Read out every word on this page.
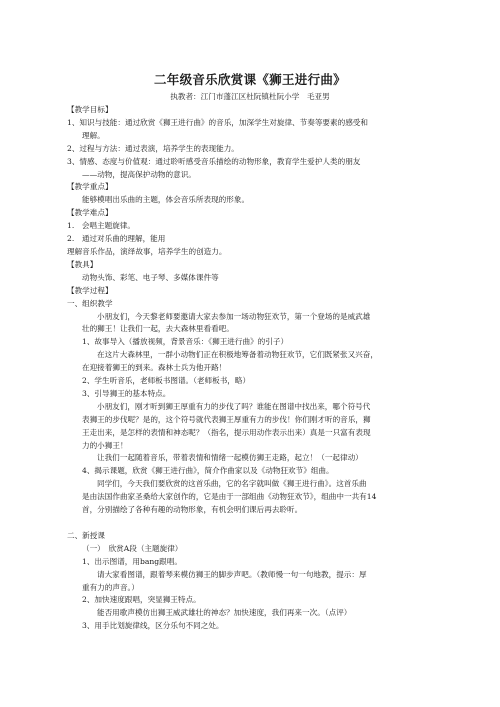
二年级音乐欣赏课《狮王进行曲》
执教者：江门市蓬江区杜阮镇杜阮小学　毛亚男
【教学目标】
1、知识与技能：通过欣赏《狮王进行曲》的音乐，加深学生对旋律、节奏等要素的感受和
理解。
2、过程与方法：通过表演，培养学生的表现能力。
3、情感、态度与价值观：通过聆听感受音乐描绘的动物形象，教育学生爱护人类的朋友
——动物，提高保护动物的意识。
【教学重点】
能够模唱出乐曲的主题，体会音乐所表现的形象。
【教学难点】
1.　会唱主题旋律。
2.　通过对乐曲的理解，能用
理解音乐作品，演绎故事，培养学生的创造力。
【教具】
动物头饰、彩笔、电子琴、多媒体课件等
【教学过程】
一、组织教学
小朋友们，今天黎老师要邀请大家去参加一场动物狂欢节，第一个登场的是威武雄
壮的狮王！让我们一起，去大森林里看看吧。
1、故事导入（播放视频，背景音乐：《狮王进行曲》的引子）
在这片大森林里，一群小动物们正在积极地筹备着动物狂欢节，它们既紧张又兴奋，
在迎接着狮王的到来。森林士兵为他开路！
2、学生听音乐，老师板书图谱。（老师板书，略）
3、引导狮王的基本特点。
小朋友们，刚才听到狮王厚重有力的步伐了吗？谁能在图谱中找出来，哪个符号代
表狮王的步伐呢？是的，这个符号就代表狮王厚重有力的步伐！你们刚才听的音乐，狮
王走出来，是怎样的表情和神态呢？（指名，提示用动作表示出来）真是一只富有表现
力的小狮王！
让我们一起随着音乐，带着表情和情绪一起模仿狮王走路，起立！（一起律动）
4、揭示课题，欣赏《狮王进行曲》，简介作曲家以及《动物狂欢节》组曲。
同学们，今天我们要欣赏的这首乐曲，它的名字就叫做《狮王进行曲》。这首乐曲
是由法国作曲家圣桑给大家创作的，它是由于一部组曲《动物狂欢节》，组曲中一共有14
首，分别描绘了各种有趣的动物形象，有机会明们课后再去聆听。
二、新授课
（一）　欣赏A段（主题旋律）
1、出示图谱，用bang跟唱。
请大家看图谱，跟着琴来模仿狮王的脚步声吧。（教师慢一句一句地教，提示：厚
重有力的声音。）
2、加快速度跟唱，突显狮王特点。
能否用歌声模仿出狮王威武雄壮的神态？加快速度，我们再来一次。（点评）
3、用手比划旋律线，区分乐句不同之处。
